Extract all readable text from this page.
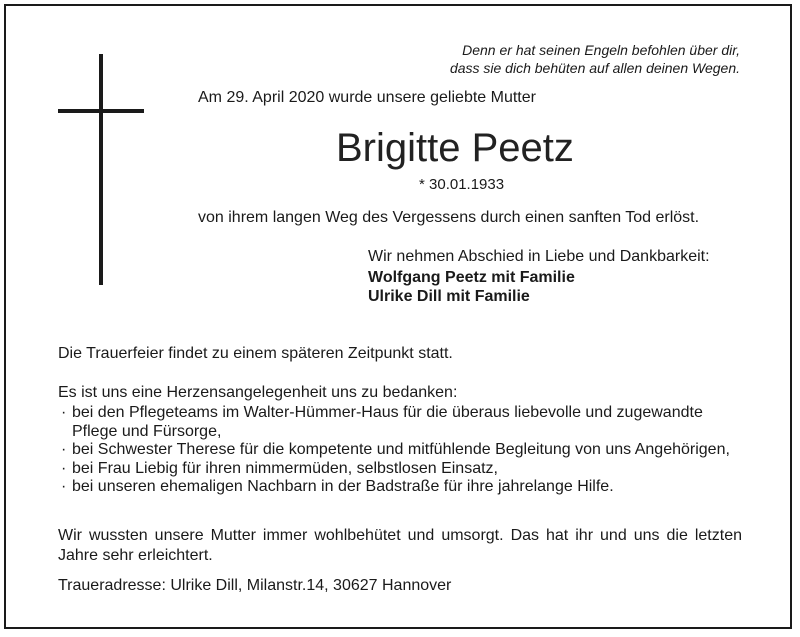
Denn er hat seinen Engeln befohlen über dir,
dass sie dich behüten auf allen deinen Wegen.

Am 29. April 2020 wurde unsere geliebte Mutter

Brigitte Peetz

* 30.01.1933

von ihrem langen Weg des Vergessens durch einen sanften Tod erlöst.

Wir nehmen Abschied in Liebe und Dankbarkeit:

Wolfgang Peetz mit Familie

Ulrike Dill mit Familie

Die Trauerfeier findet zu einem späteren Zeitpunkt statt.

Es ist uns eine Herzensangelegenheit uns zu bedanken:

· bei den Pflegeteams im Walter-Hümmer-Haus für die überaus liebevolle und zugewandte Pflege und Fürsorge,
· bei Schwester Therese für die kompetente und mitfühlende Begleitung von uns Angehörigen,
· bei Frau Liebig für ihren nimmermüden, selbstlosen Einsatz,
· bei unseren ehemaligen Nachbarn in der Badstraße für ihre jahrelange Hilfe.

Wir wussten unsere Mutter immer wohlbehütet und umsorgt. Das hat ihr und uns die letzten Jahre sehr erleichtert.

Traueradresse: Ulrike Dill, Milanstr.14, 30627 Hannover
